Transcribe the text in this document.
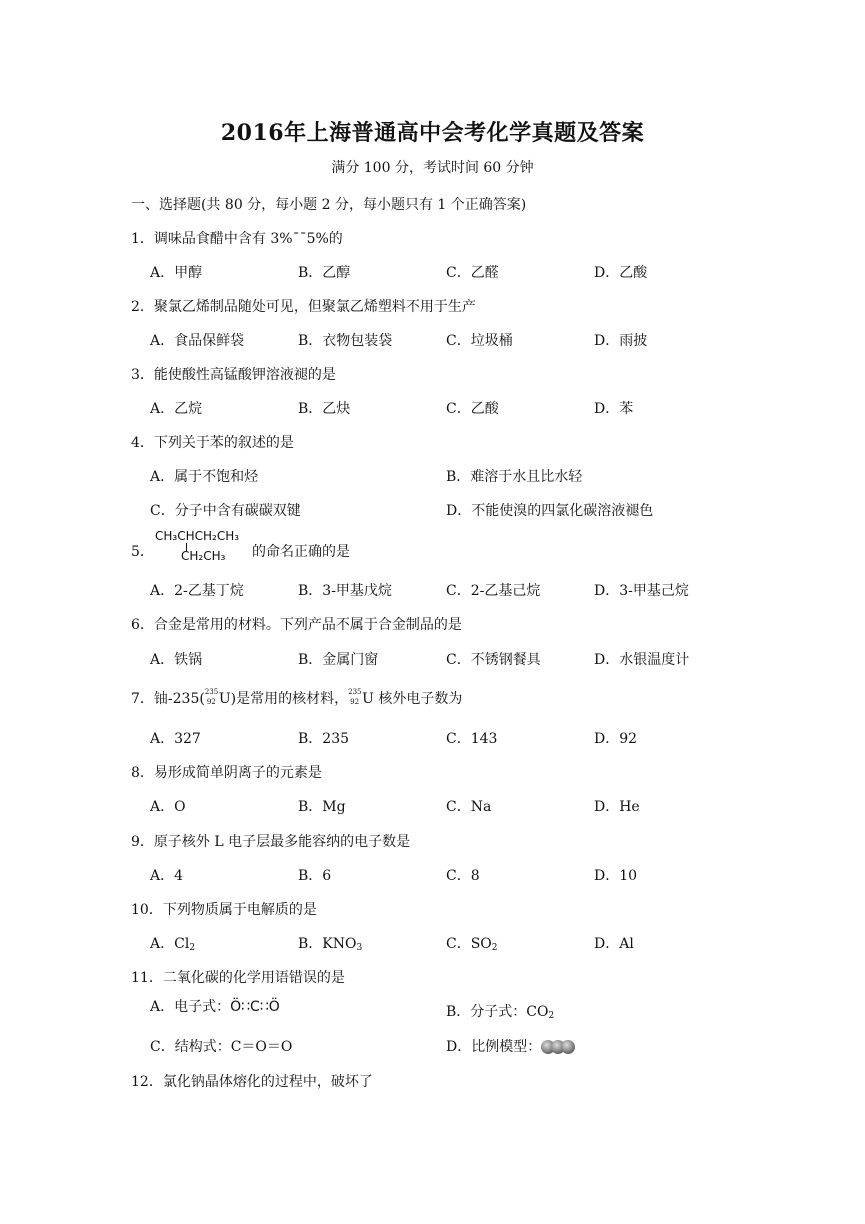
2016年上海普通高中会考化学真题及答案
满分 100 分，考试时间 60 分钟
一、选择题(共 80 分，每小题 2 分，每小题只有 1 个正确答案)
1．调味品食醋中含有 3%¯¯5%的
A．甲醇	B．乙醇	C．乙醛	D．乙酸
2．聚氯乙烯制品随处可见，但聚氯乙烯塑料不用于生产
A．食品保鲜袋	B．衣物包装袋	C．垃圾桶	D．雨披
3．能使酸性高锰酸钾溶液褪的是
A．乙烷	B．乙炔	C．乙酸	D．苯
4．下列关于苯的叙述的是
A．属于不饱和烃	B．难溶于水且比水轻
C．分子中含有碳碳双键	D．不能使溴的四氯化碳溶液褪色
5．
CH₃CHCH₂CH₃
CH₂CH₃ 的命名正确的是
A．2-乙基丁烷	B．3-甲基戊烷	C．2-乙基己烷	D．3-甲基己烷
6．合金是常用的材料。下列产品不属于合金制品的是
A．铁锅	B．金属门窗	C．不锈钢餐具	D．水银温度计
7．铀-235( 235
92 U)是常用的核材料， 235
92 U 核外电子数为
A．327	B．235	C．143	D．92
8．易形成简单阴离子的元素是
A．O	B．Mg	C．Na	D．He
9．原子核外 L 电子层最多能容纳的电子数是
A．4	B．6	C．8	D．10
10．下列物质属于电解质的是
A．$Cl_2$	B．$KNO_3$	C．$SO_2$	D．Al
11．二氧化碳的化学用语错误的是
A．电子式：Ö∷C∷Ö	B．分子式：$CO_2$
C．结构式：C＝O＝O	D．比例模型：
12．氯化钠晶体熔化的过程中，破坏了
